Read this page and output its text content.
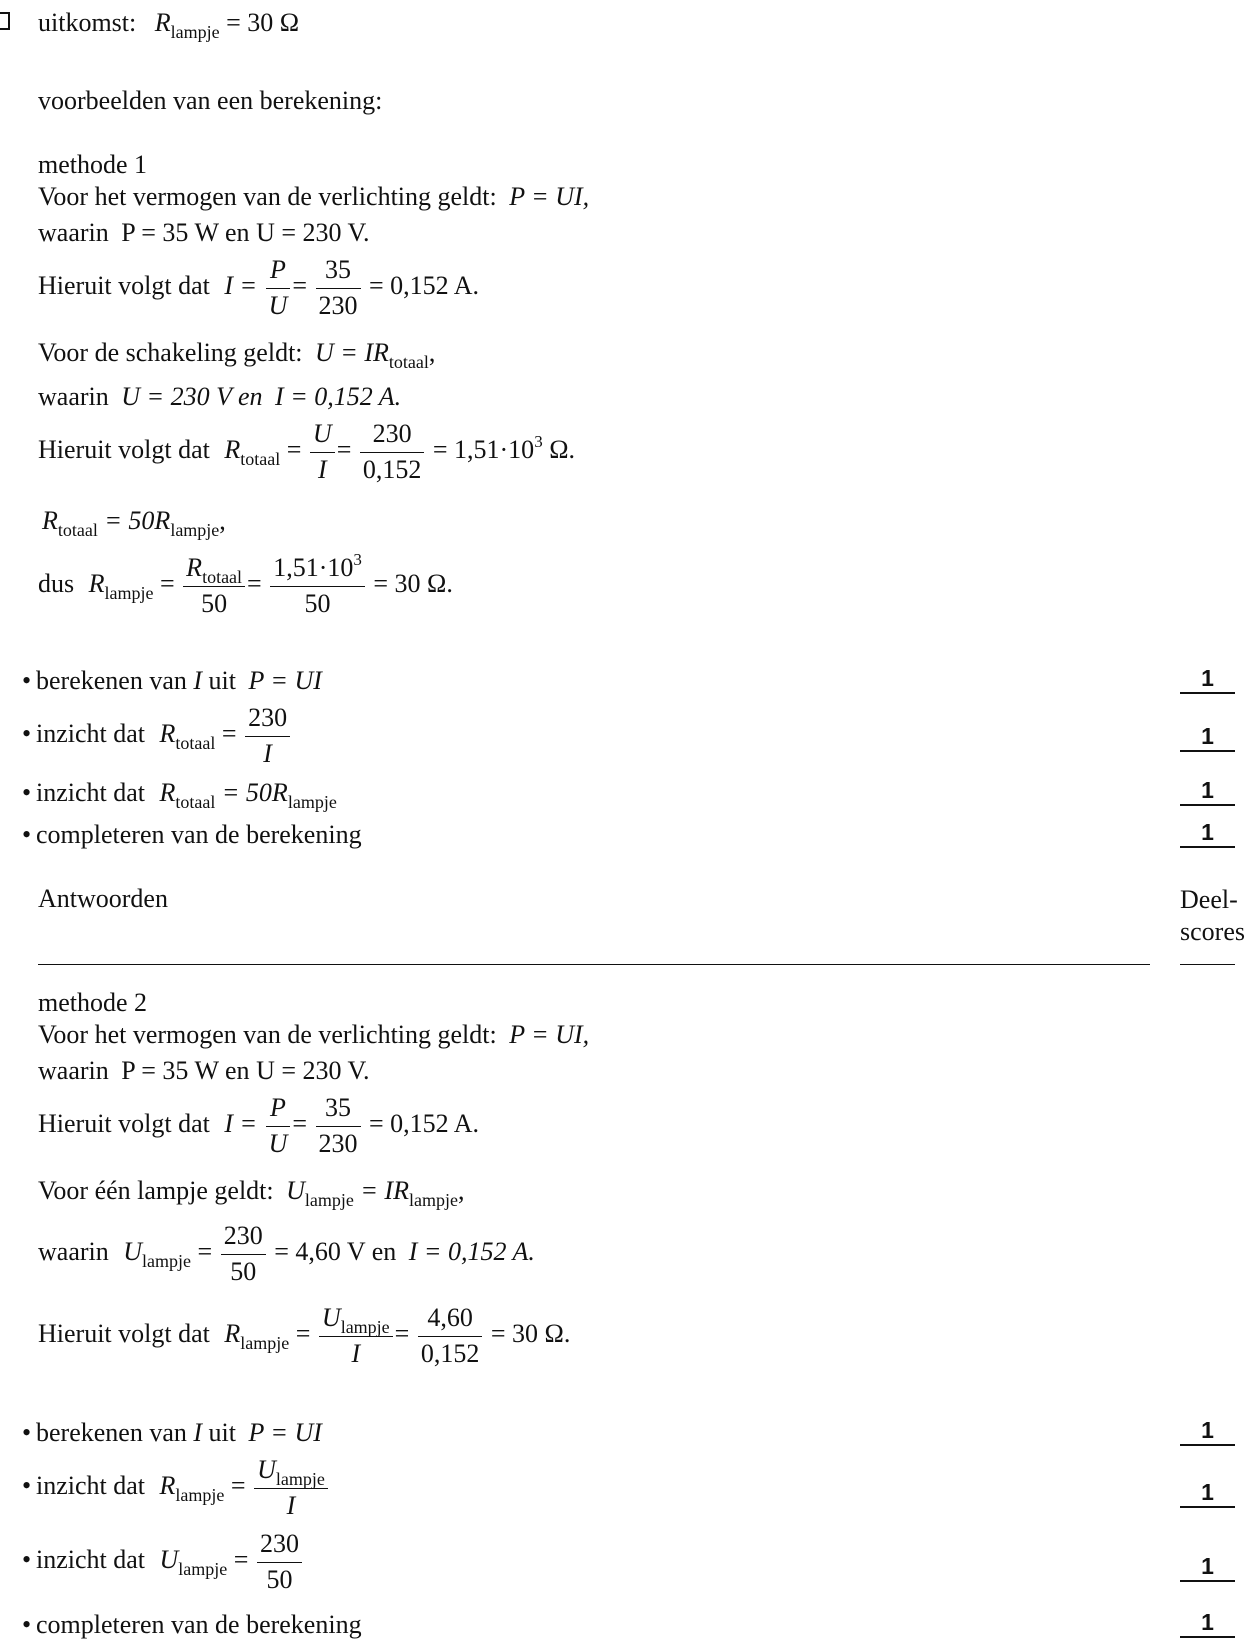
uitkomst: $R_{lampje} = 30$ Ω
voorbeelden van een berekening:
methode 1
Voor het vermogen van de verlichting geldt: P = UI,
waarin P = 35 W en U = 230 V.
Hieruit volgt dat $I = \frac{P}{U} = \frac{35}{230} = 0,152$ A.
Voor de schakeling geldt: $U = IR_{totaal}$,
waarin U = 230 V en I = 0,152 A.
Hieruit volgt dat $R_{totaal} = \frac{U}{I} = \frac{230}{0,152} = 1,51\cdot 10^3$ Ω.
$R_{totaal} = 50R_{lampje}$,
dus $R_{lampje} = \frac{R_{totaal}}{50} = \frac{1,51\cdot 10^3}{50} = 30$ Ω.
• berekenen van I uit P = UI	1
• inzicht dat $R_{totaal} = \frac{230}{I}$	1
• inzicht dat $R_{totaal} = 50R_{lampje}$	1
• completeren van de berekening	1
Antwoorden	Deel-
scores
methode 2
Voor het vermogen van de verlichting geldt: P = UI,
waarin P = 35 W en U = 230 V.
Hieruit volgt dat $I = \frac{P}{U} = \frac{35}{230} = 0,152$ A.
Voor één lampje geldt: $U_{lampje} = IR_{lampje}$,
waarin $U_{lampje} = \frac{230}{50} = 4,60$ V en I = 0,152 A.
Hieruit volgt dat $R_{lampje} = \frac{U_{lampje}}{I} = \frac{4,60}{0,152} = 30$ Ω.
• berekenen van I uit P = UI	1
• inzicht dat $R_{lampje} = \frac{U_{lampje}}{I}$	1
• inzicht dat $U_{lampje} = \frac{230}{50}$	1
• completeren van de berekening	1
